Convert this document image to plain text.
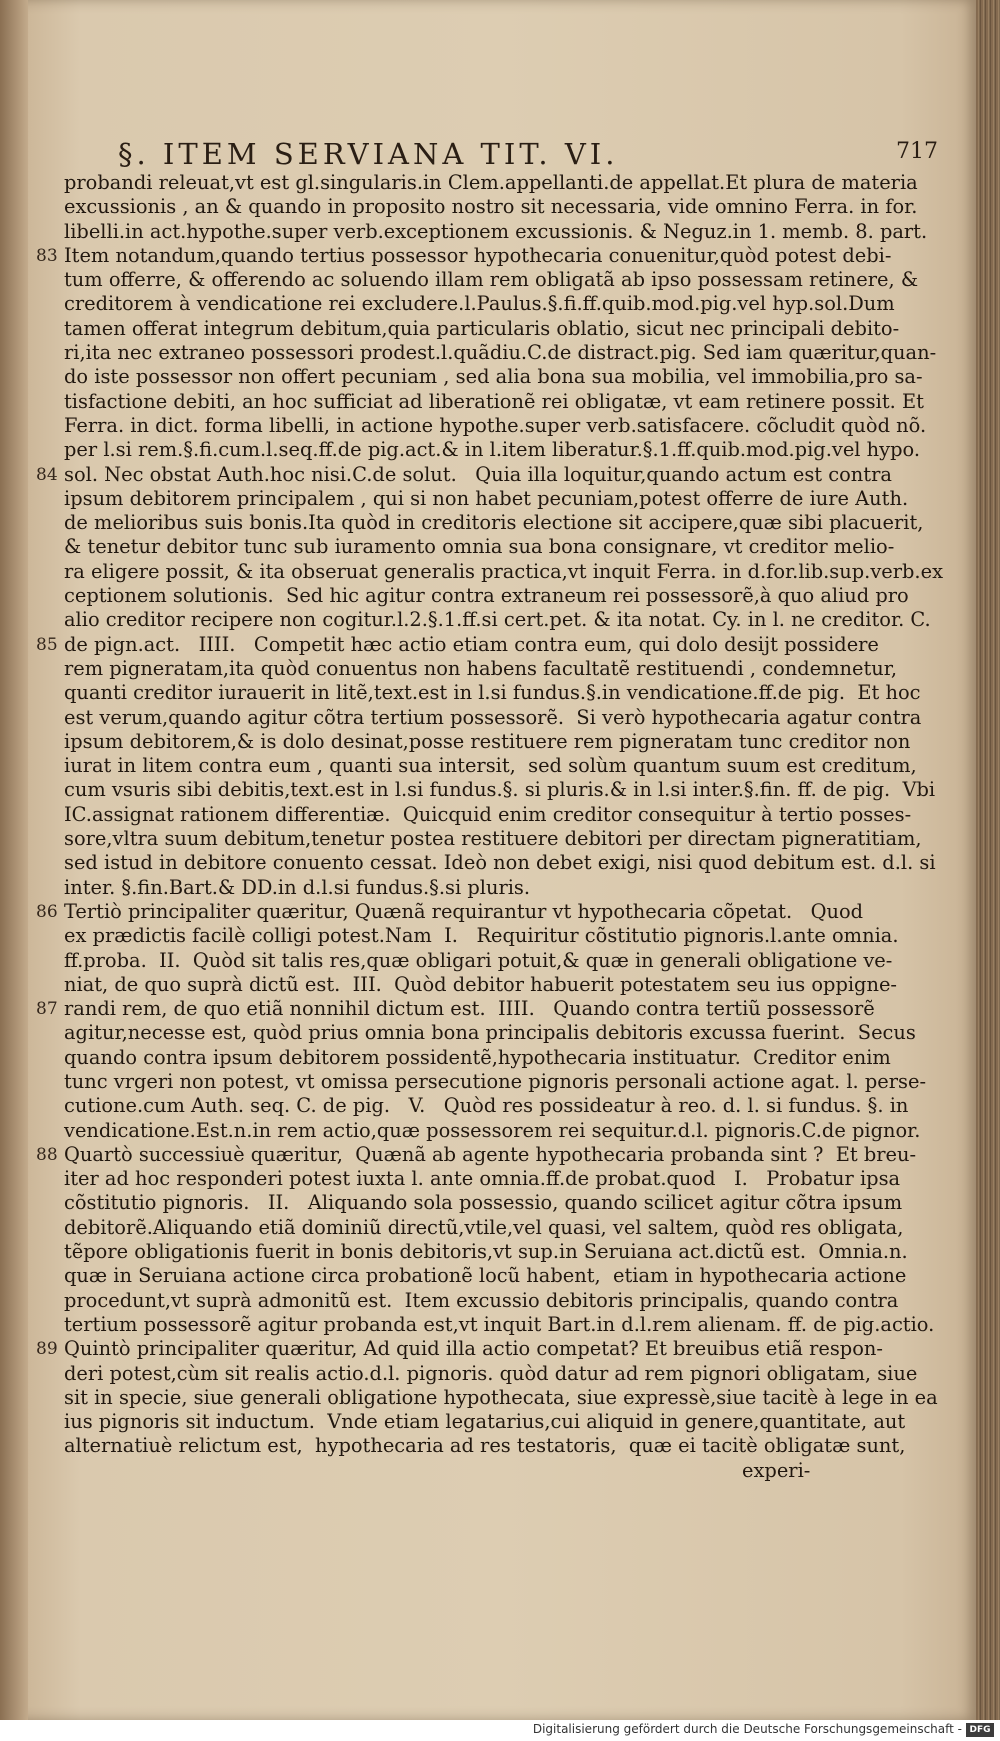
§. ITEM SERVIANA TIT. VI.	717
probandi releuat,vt est gl.singularis.in Clem.appellanti.de appellat.Et plura de materia
excussionis , an & quando in proposito nostro sit necessaria, vide omnino Ferra. in for.
libelli.in act.hypothe.super verb.exceptionem excussionis. & Neguz.in 1. memb. 8. part.
83 Item notandum,quando tertius possessor hypothecaria conuenitur,quòd potest debi-
tum offerre, & offerendo ac soluendo illam rem obligatã ab ipso possessam retinere, &
creditorem à vendicatione rei excludere.l.Paulus.§.fi.ff.quib.mod.pig.vel hyp.sol.Dum
tamen offerat integrum debitum,quia particularis oblatio, sicut nec principali debito-
ri,ita nec extraneo possessori prodest.l.quãdiu.C.de distract.pig. Sed iam quæritur,quan-
do iste possessor non offert pecuniam , sed alia bona sua mobilia, vel immobilia,pro sa-
tisfactione debiti, an hoc sufficiat ad liberationẽ rei obligatæ, vt eam retinere possit. Et
Ferra. in dict. forma libelli, in actione hypothe.super verb.satisfacere. cõcludit quòd nõ.
per l.si rem.§.fi.cum.l.seq.ff.de pig.act.& in l.item liberatur.§.1.ff.quib.mod.pig.vel hypo.
84 sol. Nec obstat Auth.hoc nisi.C.de solut.   Quia illa loquitur,quando actum est contra
ipsum debitorem principalem , qui si non habet pecuniam,potest offerre de iure Auth.
de melioribus suis bonis.Ita quòd in creditoris electione sit accipere,quæ sibi placuerit,
& tenetur debitor tunc sub iuramento omnia sua bona consignare, vt creditor melio-
ra eligere possit, & ita obseruat generalis practica,vt inquit Ferra. in d.for.lib.sup.verb.ex
ceptionem solutionis.  Sed hic agitur contra extraneum rei possessorẽ,à quo aliud pro
alio creditor recipere non cogitur.l.2.§.1.ff.si cert.pet. & ita notat. Cy. in l. ne creditor. C.
85 de pign.act.   IIII.   Competit hæc actio etiam contra eum, qui dolo desijt possidere
rem pigneratam,ita quòd conuentus non habens facultatẽ restituendi , condemnetur,
quanti creditor iurauerit in litẽ,text.est in l.si fundus.§.in vendicatione.ff.de pig.  Et hoc
est verum,quando agitur cõtra tertium possessorẽ.  Si verò hypothecaria agatur contra
ipsum debitorem,& is dolo desinat,posse restituere rem pigneratam tunc creditor non
iurat in litem contra eum , quanti sua intersit,  sed solùm quantum suum est creditum,
cum vsuris sibi debitis,text.est in l.si fundus.§. si pluris.& in l.si inter.§.fin. ff. de pig.  Vbi
IC.assignat rationem differentiæ.  Quicquid enim creditor consequitur à tertio posses-
sore,vltra suum debitum,tenetur postea restituere debitori per directam pigneratitiam,
sed istud in debitore conuento cessat. Ideò non debet exigi, nisi quod debitum est. d.l. si
inter. §.fin.Bart.& DD.in d.l.si fundus.§.si pluris.
86 Tertiò principaliter quæritur, Quænã requirantur vt hypothecaria cõpetat.   Quod
ex prædictis facilè colligi potest.Nam  I.   Requiritur cõstitutio pignoris.l.ante omnia.
ff.proba.  II.  Quòd sit talis res,quæ obligari potuit,& quæ in generali obligatione ve-
niat, de quo suprà dictũ est.  III.  Quòd debitor habuerit potestatem seu ius oppigne-
87 randi rem, de quo etiã nonnihil dictum est.  IIII.   Quando contra tertiũ possessorẽ
agitur,necesse est, quòd prius omnia bona principalis debitoris excussa fuerint.  Secus
quando contra ipsum debitorem possidentẽ,hypothecaria instituatur.  Creditor enim
tunc vrgeri non potest, vt omissa persecutione pignoris personali actione agat. l. perse-
cutione.cum Auth. seq. C. de pig.   V.   Quòd res possideatur à reo. d. l. si fundus. §. in
vendicatione.Est.n.in rem actio,quæ possessorem rei sequitur.d.l. pignoris.C.de pignor.
88 Quartò successiuè quæritur,  Quænã ab agente hypothecaria probanda sint ?  Et breu-
iter ad hoc responderi potest iuxta l. ante omnia.ff.de probat.quod   I.   Probatur ipsa
cõstitutio pignoris.   II.   Aliquando sola possessio, quando scilicet agitur cõtra ipsum
debitorẽ.Aliquando etiã dominiũ directũ,vtile,vel quasi, vel saltem, quòd res obligata,
tẽpore obligationis fuerit in bonis debitoris,vt sup.in Seruiana act.dictũ est.  Omnia.n.
quæ in Seruiana actione circa probationẽ locũ habent,  etiam in hypothecaria actione
procedunt,vt suprà admonitũ est.  Item excussio debitoris principalis, quando contra
tertium possessorẽ agitur probanda est,vt inquit Bart.in d.l.rem alienam. ff. de pig.actio.
89 Quintò principaliter quæritur, Ad quid illa actio competat? Et breuibus etiã respon-
deri potest,cùm sit realis actio.d.l. pignoris. quòd datur ad rem pignori obligatam, siue
sit in specie, siue generali obligatione hypothecata, siue expressè,siue tacitè à lege in ea
ius pignoris sit inductum.  Vnde etiam legatarius,cui aliquid in genere,quantitate, aut
alternatiuè relictum est,  hypothecaria ad res testatoris,  quæ ei tacitè obligatæ sunt,
experi-
Digitalisierung gefördert durch die Deutsche Forschungsgemeinschaft - DFG
